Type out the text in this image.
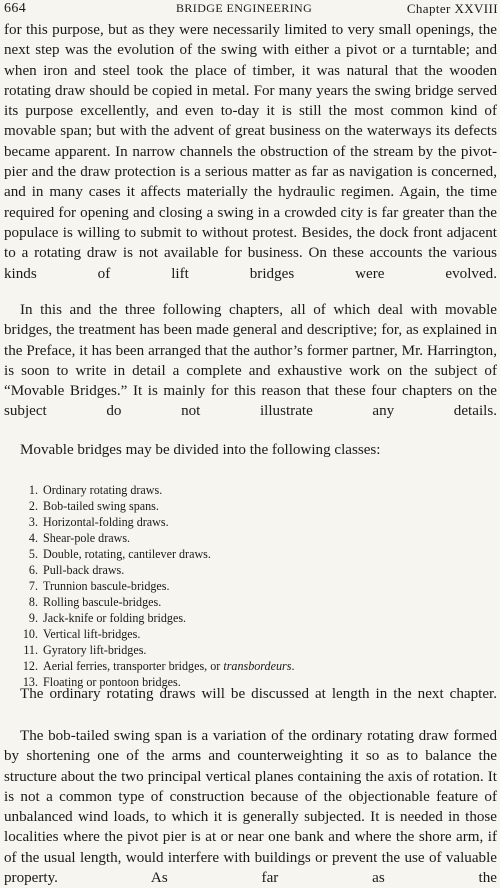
664	BRIDGE ENGINEERING	Chapter XXVIII

for this purpose, but as they were necessarily limited to very small openings, the next step was the evolution of the swing with either a pivot or a turntable; and when iron and steel took the place of timber, it was natural that the wooden rotating draw should be copied in metal. For many years the swing bridge served its purpose excellently, and even to-day it is still the most common kind of movable span; but with the advent of great business on the waterways its defects became apparent. In narrow channels the obstruction of the stream by the pivot-pier and the draw protection is a serious matter as far as navigation is concerned, and in many cases it affects materially the hydraulic regimen. Again, the time required for opening and closing a swing in a crowded city is far greater than the populace is willing to submit to without protest. Besides, the dock front adjacent to a rotating draw is not available for business. On these accounts the various kinds of lift bridges were evolved.

In this and the three following chapters, all of which deal with movable bridges, the treatment has been made general and descriptive; for, as explained in the Preface, it has been arranged that the author’s former partner, Mr. Harrington, is soon to write in detail a complete and exhaustive work on the subject of “Movable Bridges.” It is mainly for this reason that these four chapters on the subject do not illustrate any details.

Movable bridges may be divided into the following classes:

1. Ordinary rotating draws.
2. Bob-tailed swing spans.
3. Horizontal-folding draws.
4. Shear-pole draws.
5. Double, rotating, cantilever draws.
6. Pull-back draws.
7. Trunnion bascule-bridges.
8. Rolling bascule-bridges.
9. Jack-knife or folding bridges.
10. Vertical lift-bridges.
11. Gyratory lift-bridges.
12. Aerial ferries, transporter bridges, or transbordeurs.
13. Floating or pontoon bridges.

The ordinary rotating draws will be discussed at length in the next chapter.

The bob-tailed swing span is a variation of the ordinary rotating draw formed by shortening one of the arms and counterweighting it so as to balance the structure about the two principal vertical planes containing the axis of rotation. It is not a common type of construction because of the objectionable feature of unbalanced wind loads, to which it is generally subjected. It is needed in those localities where the pivot pier is at or near one bank and where the shore arm, if of the usual length, would interfere with buildings or prevent the use of valuable property. As far as the
